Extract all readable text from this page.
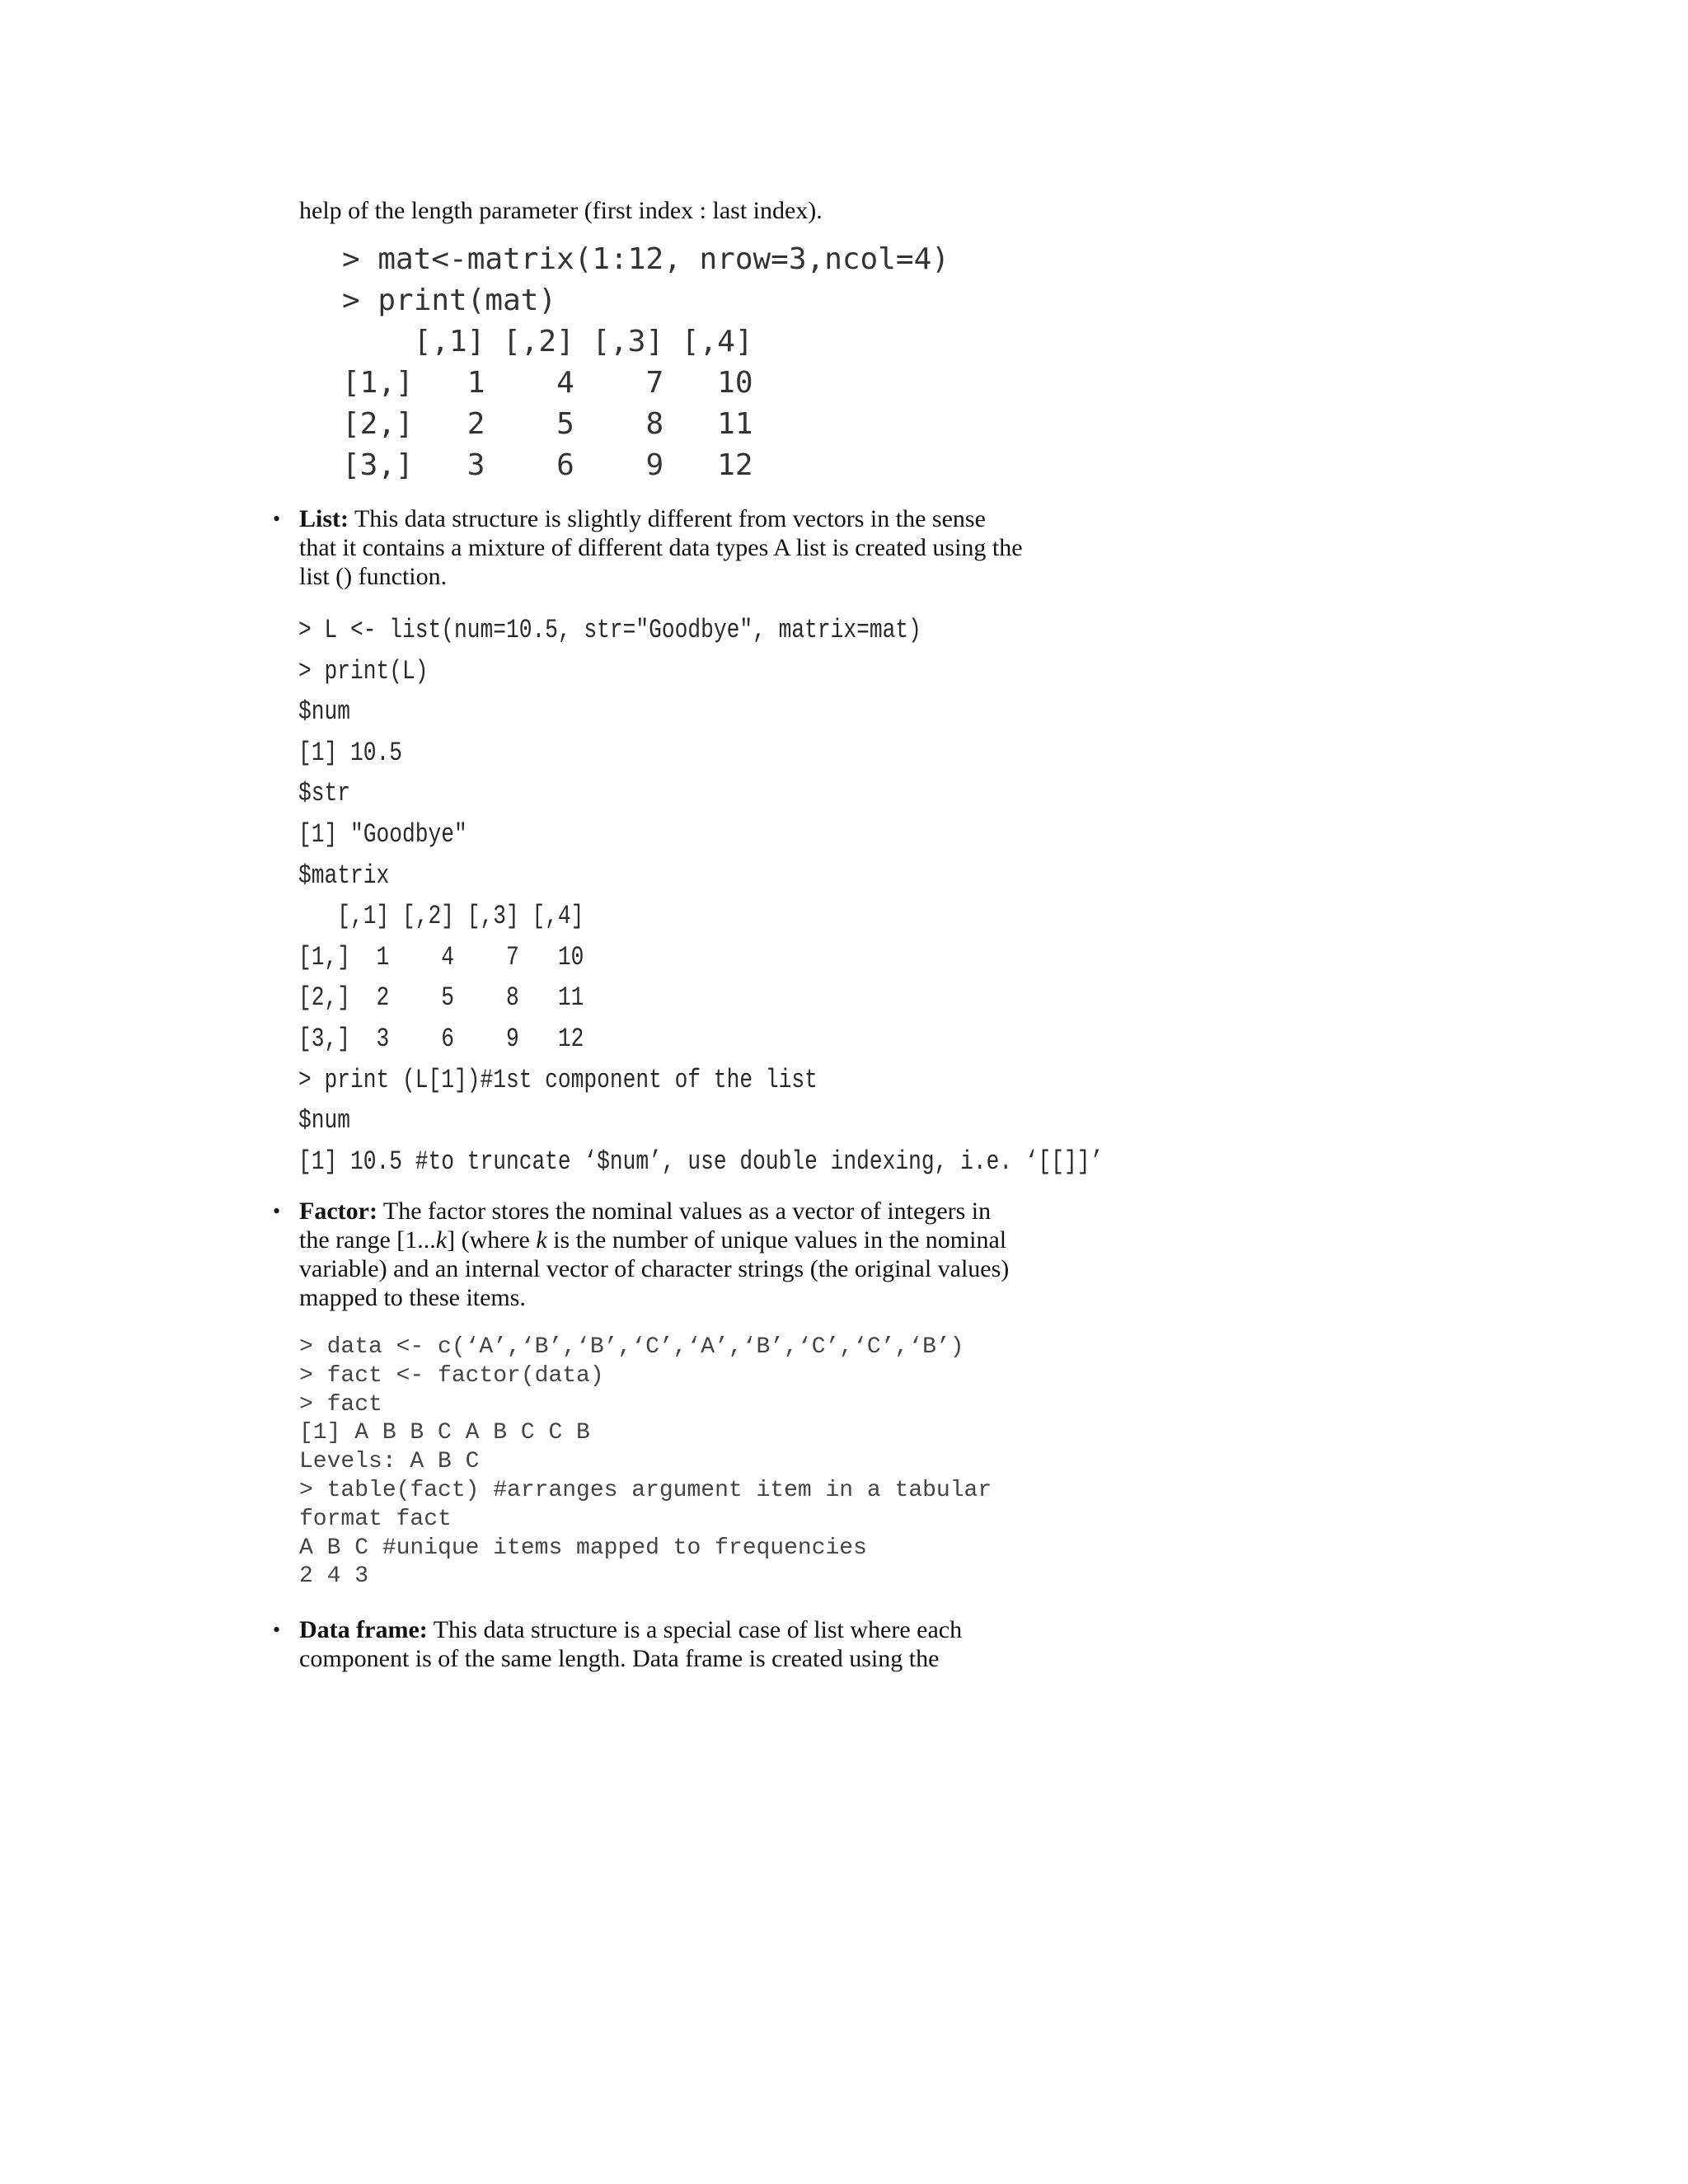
help of the length parameter (first index : last index).
> mat<-matrix(1:12, nrow=3,ncol=4)
> print(mat)
[,1] [,2] [,3] [,4]
[1,]   1    4    7   10
[2,]   2    5    8   11
[3,]   3    6    9   12
• List: This data structure is slightly different from vectors in the sense that it contains a mixture of different data types A list is created using the list () function.
> L <- list(num=10.5, str="Goodbye", matrix=mat)
> print(L)
$num
[1] 10.5
$str
[1] "Goodbye"
$matrix
[,1] [,2] [,3] [,4]
[1,]  1    4    7   10
[2,]  2    5    8   11
[3,]  3    6    9   12
> print (L[1])#1st component of the list
$num
[1] 10.5 #to truncate ‘$num’, use double indexing, i.e. ‘[[]]’
• Factor: The factor stores the nominal values as a vector of integers in the range [1...k] (where k is the number of unique values in the nominal variable) and an internal vector of character strings (the original values) mapped to these items.
> data <- c(‘A’,‘B’,‘B’,‘C’,‘A’,‘B’,‘C’,‘C’,‘B’)
> fact <- factor(data)
> fact
[1] A B B C A B C C B
Levels: A B C
> table(fact) #arranges argument item in a tabular
format fact
A B C #unique items mapped to frequencies
2 4 3
• Data frame: This data structure is a special case of list where each component is of the same length. Data frame is created using the
